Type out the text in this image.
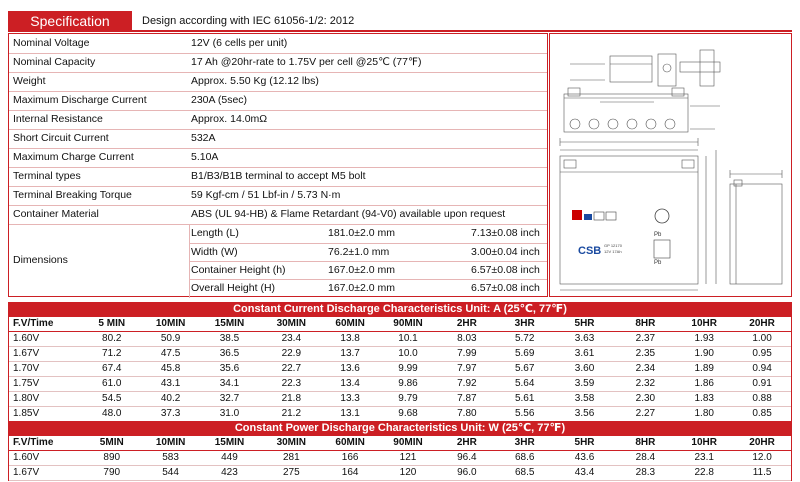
Specification	Design according with IEC 61056-1/2: 2012
Nominal Voltage	12V (6 cells per unit)
Nominal Capacity	17 Ah @20hr-rate to 1.75V per cell @25℃ (77℉)
Weight	Approx. 5.50 Kg (12.12 lbs)
Maximum Discharge Current	230A (5sec)
Internal Resistance	Approx. 14.0mΩ
Short Circuit Current	532A
Maximum Charge Current	5.10A
Terminal types	B1/B3/B1B terminal to accept M5 bolt
Terminal Breaking Torque	59 Kgf-cm / 51 Lbf-in / 5.73 N·m
Container Material	ABS (UL 94-HB) & Flame Retardant (94-V0) available upon request
Dimensions
Length (L)	181.0±2.0 mm	7.13±0.08 inch
Width (W)	76.2±1.0 mm	3.00±0.04 inch
Container Height (h)	167.0±2.0 mm	6.57±0.08 inch
Overall Height (H)	167.0±2.0 mm	6.57±0.08 inch
CSB GP 12170
12V 17Ah
Pb
Pb
Constant Current Discharge Characteristics Unit: A (25℃, 77℉)
F.V/Time	5 MIN	10MIN	15MIN	30MIN	60MIN	90MIN	2HR	3HR	5HR	8HR	10HR	20HR
1.60V	80.2	50.9	38.5	23.4	13.8	10.1	8.03	5.72	3.63	2.37	1.93	1.00
1.67V	71.2	47.5	36.5	22.9	13.7	10.0	7.99	5.69	3.61	2.35	1.90	0.95
1.70V	67.4	45.8	35.6	22.7	13.6	9.99	7.97	5.67	3.60	2.34	1.89	0.94
1.75V	61.0	43.1	34.1	22.3	13.4	9.86	7.92	5.64	3.59	2.32	1.86	0.91
1.80V	54.5	40.2	32.7	21.8	13.3	9.79	7.87	5.61	3.58	2.30	1.83	0.88
1.85V	48.0	37.3	31.0	21.2	13.1	9.68	7.80	5.56	3.56	2.27	1.80	0.85
Constant Power Discharge Characteristics Unit: W (25℃, 77℉)
F.V/Time	5MIN	10MIN	15MIN	30MIN	60MIN	90MIN	2HR	3HR	5HR	8HR	10HR	20HR
1.60V	890	583	449	281	166	121	96.4	68.6	43.6	28.4	23.1	12.0
1.67V	790	544	423	275	164	120	96.0	68.5	43.4	28.3	22.8	11.5
